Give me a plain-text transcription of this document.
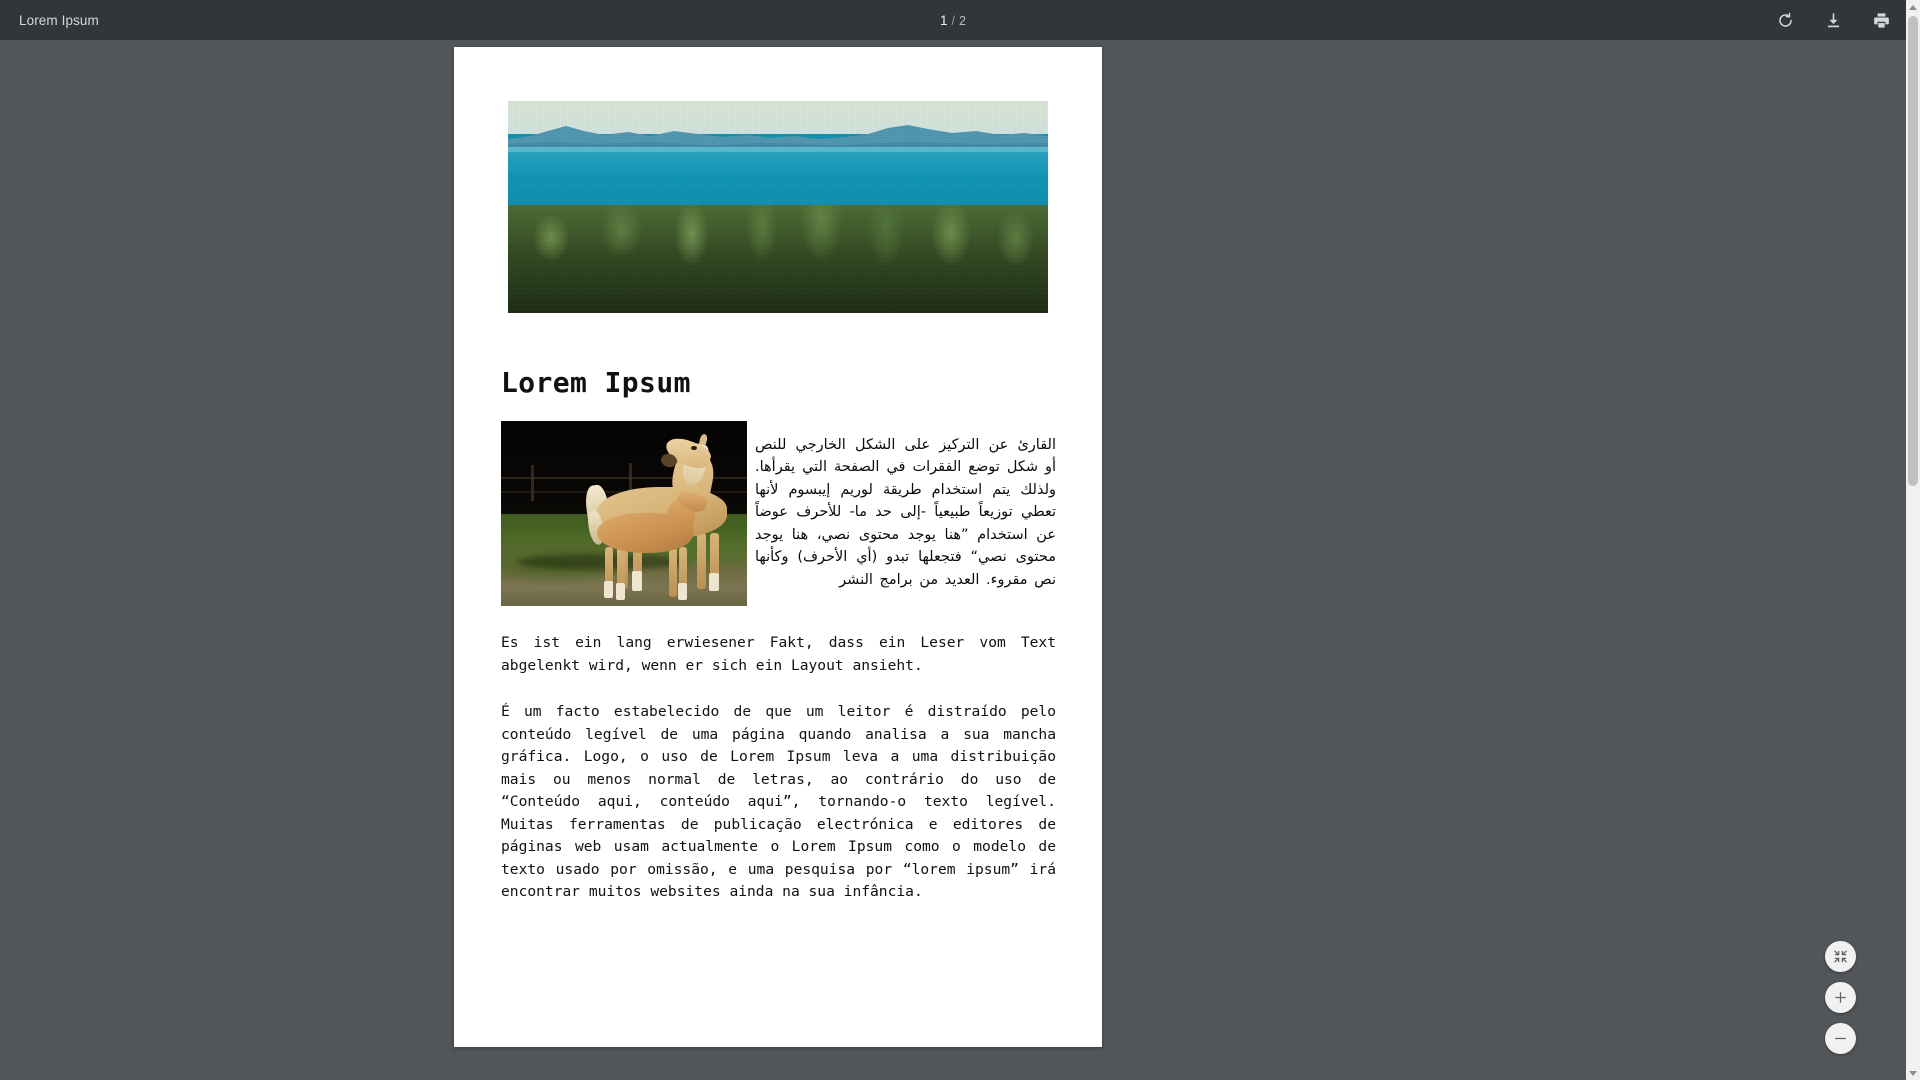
Lorem Ipsum	1 / 2
Lorem Ipsum

القارئ عن التركيز على الشكل الخارجي للنص أو شكل توضع الفقرات في الصفحة التي يقرأها. ولذلك يتم استخدام طريقة لوريم إيبسوم لأنها تعطي توزيعاً طبيعياً -إلى حد ما- للأحرف عوضاً عن استخدام ”هنا يوجد محتوى نصي، هنا يوجد محتوى نصي“ فتجعلها تبدو (أي الأحرف) وكأنها نص مقروء. العديد من برامج النشر

Es ist ein lang erwiesener Fakt, dass ein Leser vom Text abgelenkt wird, wenn er sich ein Layout ansieht.

É um facto estabelecido de que um leitor é distraído pelo conteúdo legível de uma página quando analisa a sua mancha gráfica. Logo, o uso de Lorem Ipsum leva a uma distribuição mais ou menos normal de letras, ao contrário do uso de “Conteúdo aqui, conteúdo aqui”, tornando-o texto legível. Muitas ferramentas de publicação electrónica e editores de páginas web usam actualmente o Lorem Ipsum como o modelo de texto usado por omissão, e uma pesquisa por “lorem ipsum” irá encontrar muitos websites ainda na sua infância.
